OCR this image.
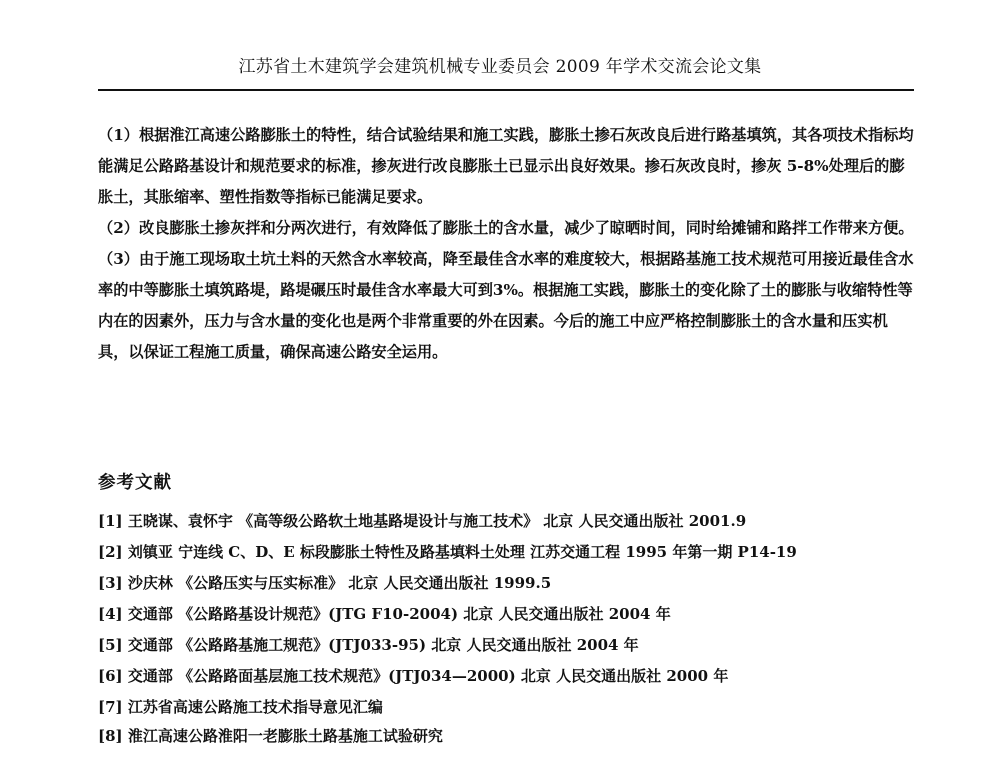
江苏省土木建筑学会建筑机械专业委员会 2009 年学术交流会论文集

（1）根据淮江高速公路膨胀土的特性，结合试验结果和施工实践，膨胀土掺石灰改良后进行路基填筑，其各项技术指标均能满足公路路基设计和规范要求的标准，掺灰进行改良膨胀土已显示出良好效果。掺石灰改良时，掺灰 5-8%处理后的膨胀土，其胀缩率、塑性指数等指标已能满足要求。

（2）改良膨胀土掺灰拌和分两次进行，有效降低了膨胀土的含水量，减少了晾晒时间，同时给摊铺和路拌工作带来方便。

（3）由于施工现场取土坑土料的天然含水率较高，降至最佳含水率的难度较大，根据路基施工技术规范可用接近最佳含水率的中等膨胀土填筑路堤，路堤碾压时最佳含水率最大可到3%。根据施工实践，膨胀土的变化除了土的膨胀与收缩特性等内在的因素外，压力与含水量的变化也是两个非常重要的外在因素。今后的施工中应严格控制膨胀土的含水量和压实机具，以保证工程施工质量，确保高速公路安全运用。

参考文献
[1] 王晓谋、袁怀宇 《高等级公路软土地基路堤设计与施工技术》 北京 人民交通出版社 2001.9
[2] 刘镇亚 宁连线 C、D、E 标段膨胀土特性及路基填料土处理 江苏交通工程 1995 年第一期 P14-19
[3] 沙庆林 《公路压实与压实标准》 北京 人民交通出版社 1999.5
[4] 交通部 《公路路基设计规范》(JTG F10-2004) 北京 人民交通出版社 2004 年
[5] 交通部 《公路路基施工规范》(JTJ033-95) 北京 人民交通出版社 2004 年
[6] 交通部 《公路路面基层施工技术规范》(JTJ034—2000) 北京 人民交通出版社 2000 年
[7] 江苏省高速公路施工技术指导意见汇编
[8] 淮江高速公路淮阳一老膨胀土路基施工试验研究
